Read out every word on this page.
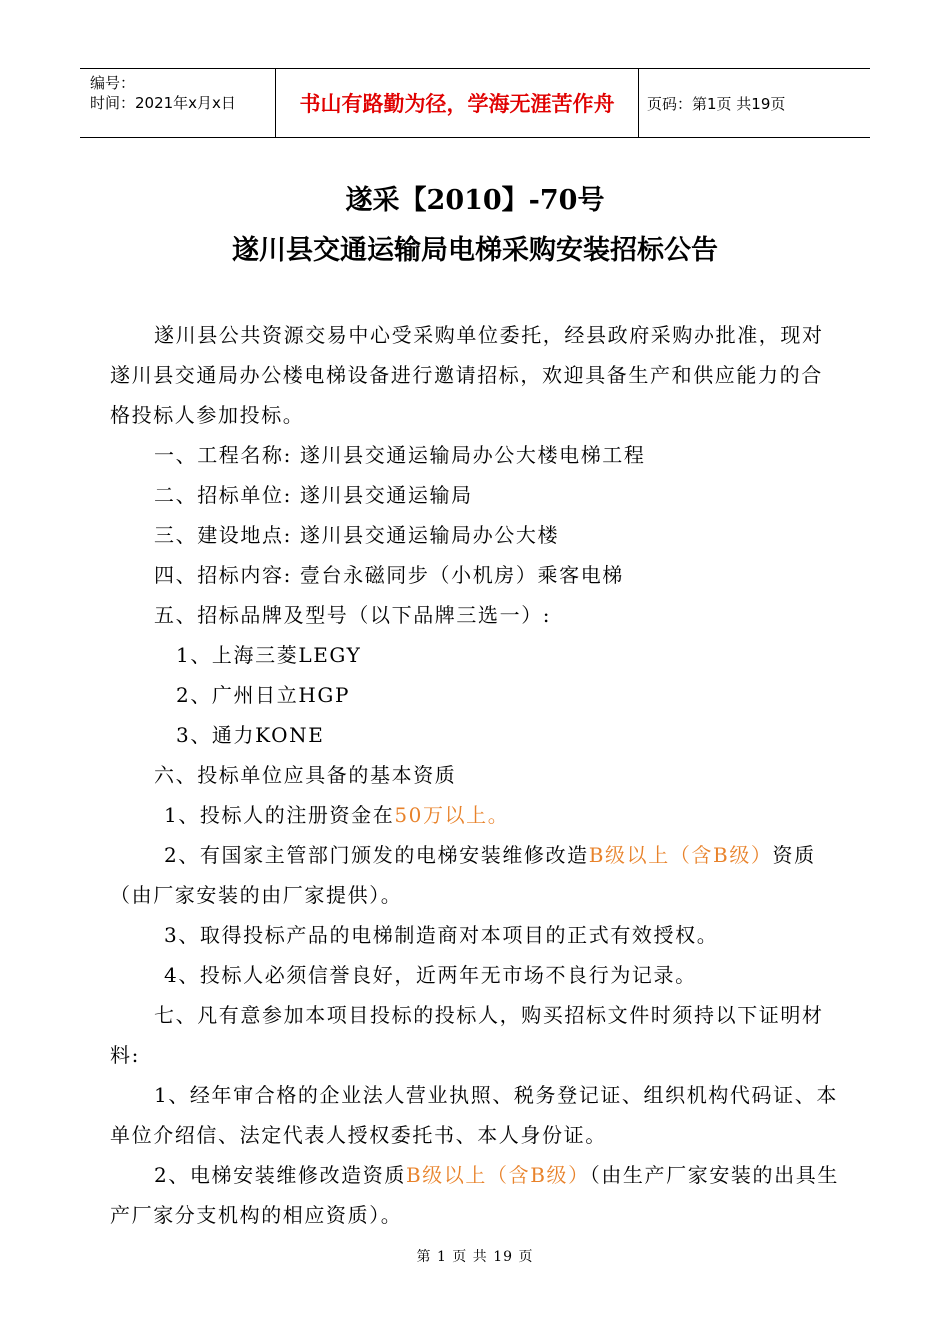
编号：
时间：2021年x月x日	书山有路勤为径，学海无涯苦作舟	页码：第1页 共19页
遂采【2010】-70号
遂川县交通运输局电梯采购安装招标公告

遂川县公共资源交易中心受采购单位委托，经县政府采购办批准，现对遂川县交通局办公楼电梯设备进行邀请招标，欢迎具备生产和供应能力的合格投标人参加投标。

一、工程名称: 遂川县交通运输局办公大楼电梯工程

二、招标单位: 遂川县交通运输局

三、建设地点: 遂川县交通运输局办公大楼

四、招标内容: 壹台永磁同步（小机房）乘客电梯

五、招标品牌及型号（以下品牌三选一）:

1、上海三菱LEGY

2、广州日立HGP

3、通力KONE

六、投标单位应具备的基本资质

1、投标人的注册资金在50万以上。

2、有国家主管部门颁发的电梯安装维修改造B级以上（含B级）资质（由厂家安装的由厂家提供）。

3、取得投标产品的电梯制造商对本项目的正式有效授权。

4、投标人必须信誉良好，近两年无市场不良行为记录。

七、凡有意参加本项目投标的投标人，购买招标文件时须持以下证明材料:

1、经年审合格的企业法人营业执照、税务登记证、组织机构代码证、本单位介绍信、法定代表人授权委托书、本人身份证。

2、电梯安装维修改造资质B级以上（含B级）（由生产厂家安装的出具生产厂家分支机构的相应资质）。

第 1 页 共 19 页
